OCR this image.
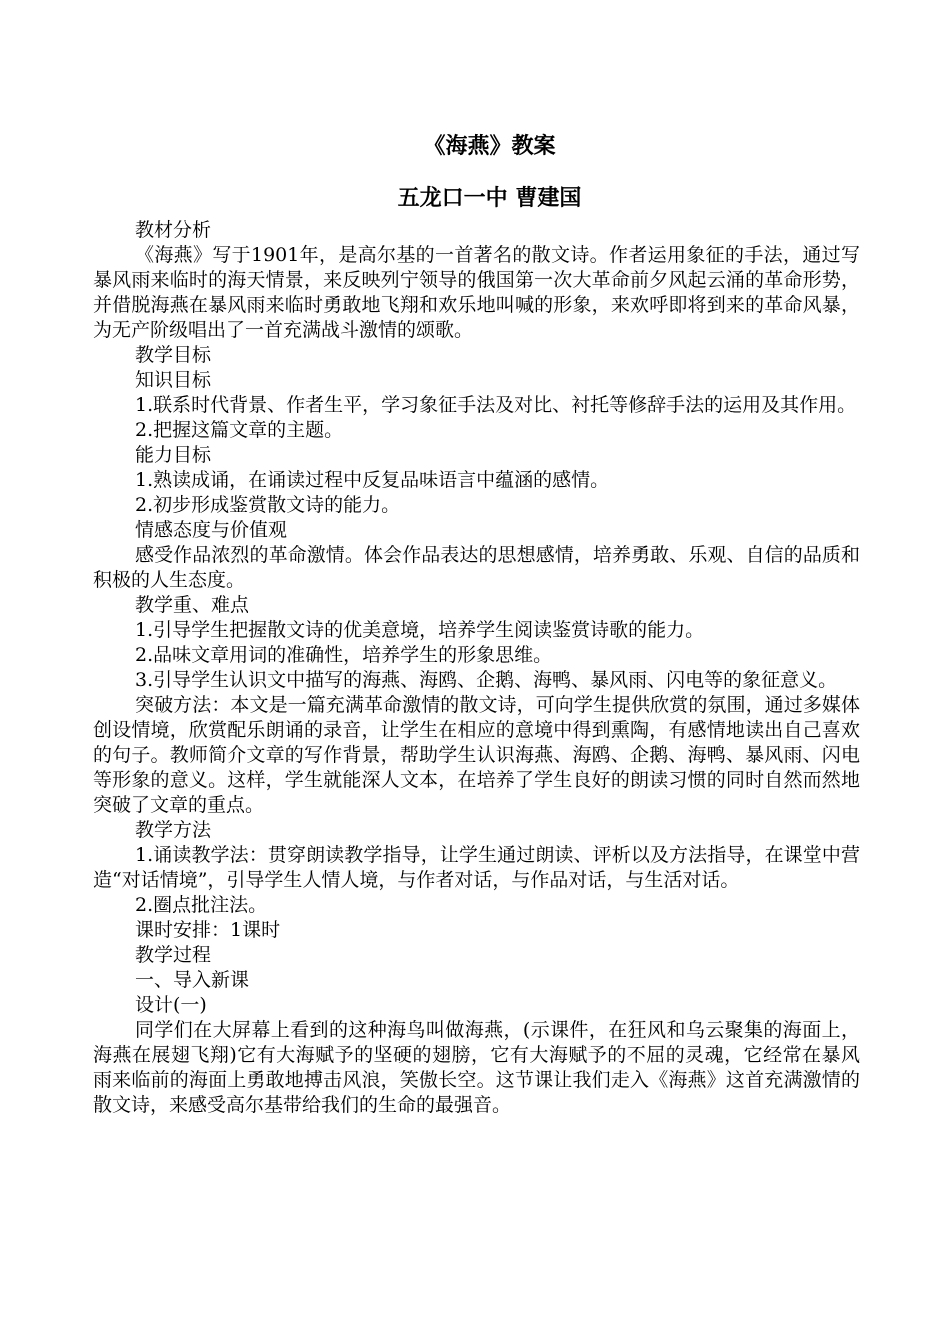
《海燕》教案
五龙口一中 曹建国

教材分析

《海燕》写于1901年，是高尔基的一首著名的散文诗。作者运用象征的手法，通过写暴风雨来临时的海天情景，来反映列宁领导的俄国第一次大革命前夕风起云涌的革命形势，并借脱海燕在暴风雨来临时勇敢地飞翔和欢乐地叫喊的形象，来欢呼即将到来的革命风暴，为无产阶级唱出了一首充满战斗激情的颂歌。

教学目标

知识目标

1.联系时代背景、作者生平，学习象征手法及对比、衬托等修辞手法的运用及其作用。

2.把握这篇文章的主题。

能力目标

1.熟读成诵，在诵读过程中反复品味语言中蕴涵的感情。

2.初步形成鉴赏散文诗的能力。

情感态度与价值观

感受作品浓烈的革命激情。体会作品表达的思想感情，培养勇敢、乐观、自信的品质和积极的人生态度。

教学重、难点

1.引导学生把握散文诗的优美意境，培养学生阅读鉴赏诗歌的能力。

2.品味文章用词的准确性，培养学生的形象思维。

3.引导学生认识文中描写的海燕、海鸥、企鹅、海鸭、暴风雨、闪电等的象征意义。

突破方法：本文是一篇充满革命激情的散文诗，可向学生提供欣赏的氛围，通过多媒体创设情境，欣赏配乐朗诵的录音，让学生在相应的意境中得到熏陶，有感情地读出自己喜欢的句子。教师简介文章的写作背景，帮助学生认识海燕、海鸥、企鹅、海鸭、暴风雨、闪电等形象的意义。这样，学生就能深人文本，在培养了学生良好的朗读习惯的同时自然而然地突破了文章的重点。

教学方法

1.诵读教学法：贯穿朗读教学指导，让学生通过朗读、评析以及方法指导，在课堂中营造“对话情境”，引导学生人情人境，与作者对话，与作品对话，与生活对话。

2.圈点批注法。

课时安排：1课时

教学过程

一、导入新课

设计(一)

同学们在大屏幕上看到的这种海鸟叫做海燕，(示课件，在狂风和乌云聚集的海面上，海燕在展翅飞翔)它有大海赋予的坚硬的翅膀，它有大海赋予的不屈的灵魂，它经常在暴风雨来临前的海面上勇敢地搏击风浪，笑傲长空。这节课让我们走入《海燕》这首充满激情的散文诗，来感受高尔基带给我们的生命的最强音。
